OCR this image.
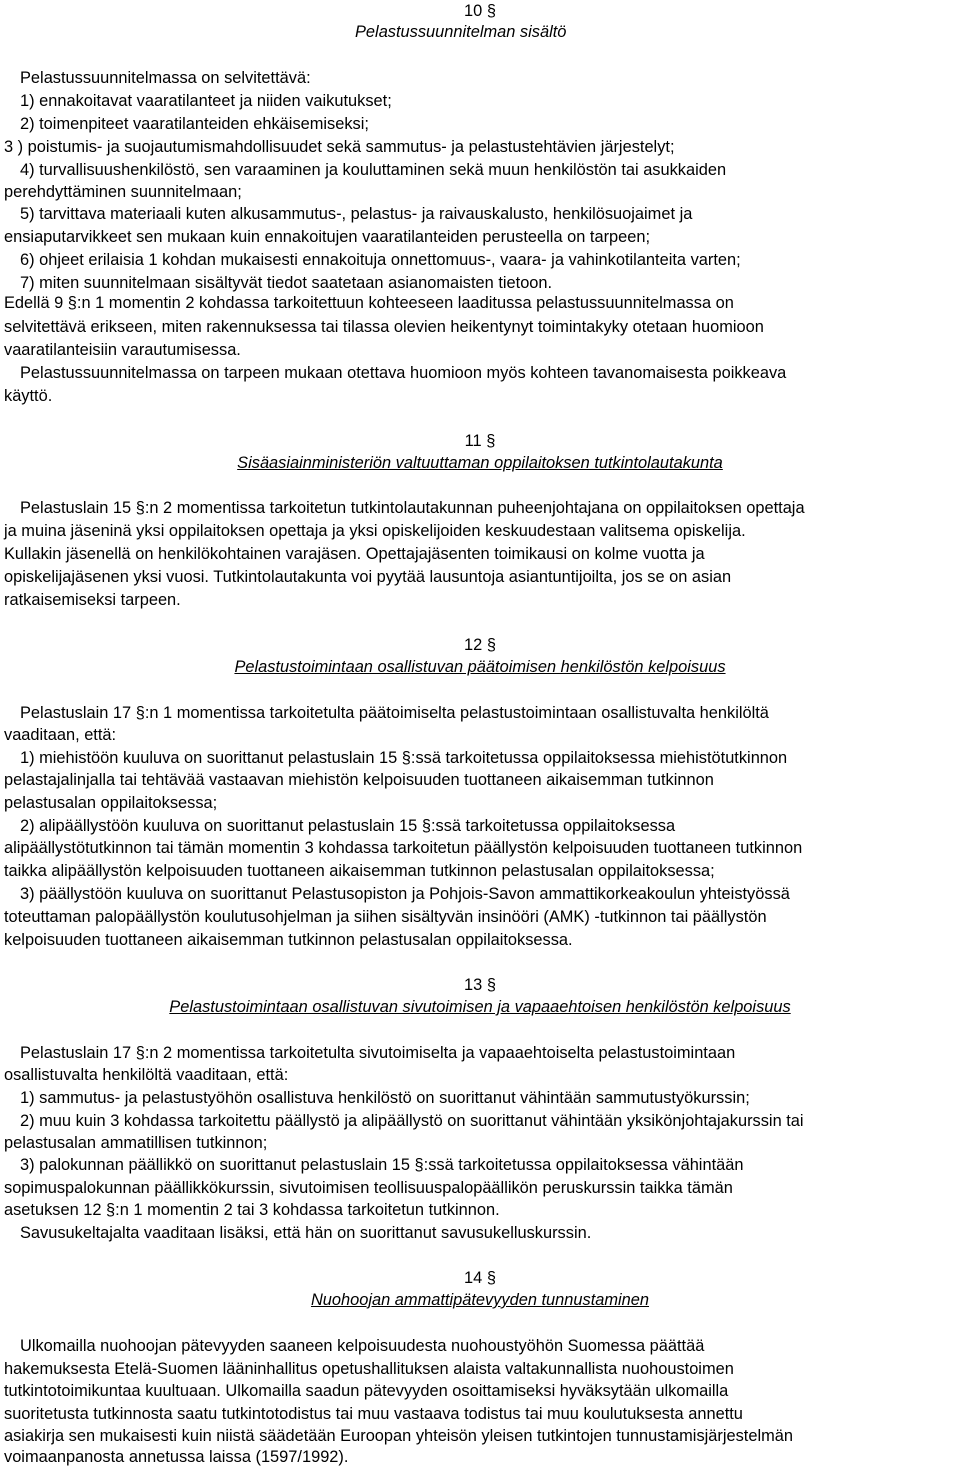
10 §
Pelastussuunnitelman sisältö
Pelastussuunnitelmassa on selvitettävä:
1) ennakoitavat vaaratilanteet ja niiden vaikutukset;
2) toimenpiteet vaaratilanteiden ehkäisemiseksi;
3 ) poistumis- ja suojautumismahdollisuudet sekä sammutus- ja pelastustehtävien järjestelyt;
4) turvallisuushenkilöstö, sen varaaminen ja kouluttaminen sekä muun henkilöstön tai asukkaiden
perehdyttäminen suunnitelmaan;
5) tarvittava materiaali kuten alkusammutus-, pelastus- ja raivauskalusto, henkilösuojaimet ja
ensiaputarvikkeet sen mukaan kuin ennakoitujen vaaratilanteiden perusteella on tarpeen;
6) ohjeet erilaisia 1 kohdan mukaisesti ennakoituja onnettomuus-, vaara- ja vahinkotilanteita varten;
7) miten suunnitelmaan sisältyvät tiedot saatetaan asianomaisten tietoon.
Edellä 9 §:n 1 momentin 2 kohdassa tarkoitettuun kohteeseen laaditussa pelastussuunnitelmassa on
selvitettävä erikseen, miten rakennuksessa tai tilassa olevien heikentynyt toimintakyky otetaan huomioon
vaaratilanteisiin varautumisessa.
Pelastussuunnitelmassa on tarpeen mukaan otettava huomioon myös kohteen tavanomaisesta poikkeava
käyttö.
11 §
Sisäasiainministeriön valtuuttaman oppilaitoksen tutkintolautakunta
Pelastuslain 15 §:n 2 momentissa tarkoitetun tutkintolautakunnan puheenjohtajana on oppilaitoksen opettaja
ja muina jäseninä yksi oppilaitoksen opettaja ja yksi opiskelijoiden keskuudestaan valitsema opiskelija.
Kullakin jäsenellä on henkilökohtainen varajäsen. Opettajajäsenten toimikausi on kolme vuotta ja
opiskelijajäsenen yksi vuosi. Tutkintolautakunta voi pyytää lausuntoja asiantuntijoilta, jos se on asian
ratkaisemiseksi tarpeen.
12 §
Pelastustoimintaan osallistuvan päätoimisen henkilöstön kelpoisuus
Pelastuslain 17 §:n 1 momentissa tarkoitetulta päätoimiselta pelastustoimintaan osallistuvalta henkilöltä
vaaditaan, että:
1) miehistöön kuuluva on suorittanut pelastuslain 15 §:ssä tarkoitetussa oppilaitoksessa miehistötutkinnon
pelastajalinjalla tai tehtävää vastaavan miehistön kelpoisuuden tuottaneen aikaisemman tutkinnon
pelastusalan oppilaitoksessa;
2) alipäällystöön kuuluva on suorittanut pelastuslain 15 §:ssä tarkoitetussa oppilaitoksessa
alipäällystötutkinnon tai tämän momentin 3 kohdassa tarkoitetun päällystön kelpoisuuden tuottaneen tutkinnon
taikka alipäällystön kelpoisuuden tuottaneen aikaisemman tutkinnon pelastusalan oppilaitoksessa;
3) päällystöön kuuluva on suorittanut Pelastusopiston ja Pohjois-Savon ammattikorkeakoulun yhteistyössä
toteuttaman palopäällystön koulutusohjelman ja siihen sisältyvän insinööri (AMK) -tutkinnon tai päällystön
kelpoisuuden tuottaneen aikaisemman tutkinnon pelastusalan oppilaitoksessa.
13 §
Pelastustoimintaan osallistuvan sivutoimisen ja vapaaehtoisen henkilöstön kelpoisuus
Pelastuslain 17 §:n 2 momentissa tarkoitetulta sivutoimiselta ja vapaaehtoiselta pelastustoimintaan
osallistuvalta henkilöltä vaaditaan, että:
1) sammutus- ja pelastustyöhön osallistuva henkilöstö on suorittanut vähintään sammutustyökurssin;
2) muu kuin 3 kohdassa tarkoitettu päällystö ja alipäällystö on suorittanut vähintään yksikönjohtajakurssin tai
pelastusalan ammatillisen tutkinnon;
3) palokunnan päällikkö on suorittanut pelastuslain 15 §:ssä tarkoitetussa oppilaitoksessa vähintään
sopimuspalokunnan päällikkökurssin, sivutoimisen teollisuuspalopäällikön peruskurssin taikka tämän
asetuksen 12 §:n 1 momentin 2 tai 3 kohdassa tarkoitetun tutkinnon.
Savusukeltajalta vaaditaan lisäksi, että hän on suorittanut savusukelluskurssin.
14 §
Nuohoojan ammattipätevyyden tunnustaminen
Ulkomailla nuohoojan pätevyyden saaneen kelpoisuudesta nuohoustyöhön Suomessa päättää
hakemuksesta Etelä-Suomen lääninhallitus opetushallituksen alaista valtakunnallista nuohoustoimen
tutkintotoimikuntaa kuultuaan. Ulkomailla saadun pätevyyden osoittamiseksi hyväksytään ulkomailla
suoritetusta tutkinnosta saatu tutkintotodistus tai muu vastaava todistus tai muu koulutuksesta annettu
asiakirja sen mukaisesti kuin niistä säädetään Euroopan yhteisön yleisen tutkintojen tunnustamisjärjestelmän
voimaanpanosta annetussa laissa (1597/1992).
